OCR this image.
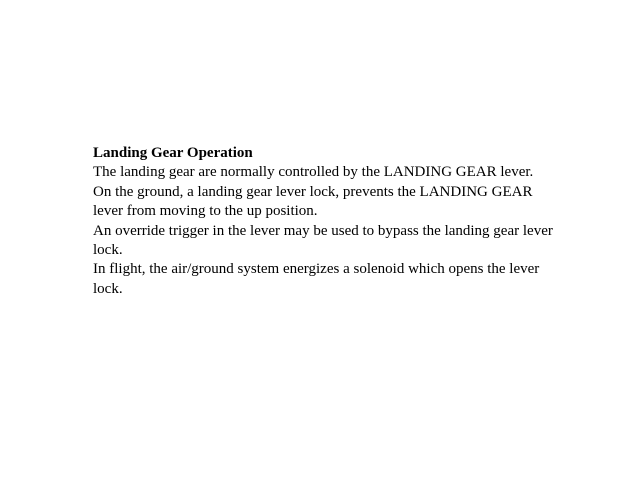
Landing Gear Operation

The landing gear are normally controlled by the LANDING GEAR lever.

On the ground, a landing gear lever lock, prevents the LANDING GEAR lever from moving to the up position.

An override trigger in the lever may be used to bypass the landing gear lever lock.

In flight, the air/ground system energizes a solenoid which opens the lever lock.
